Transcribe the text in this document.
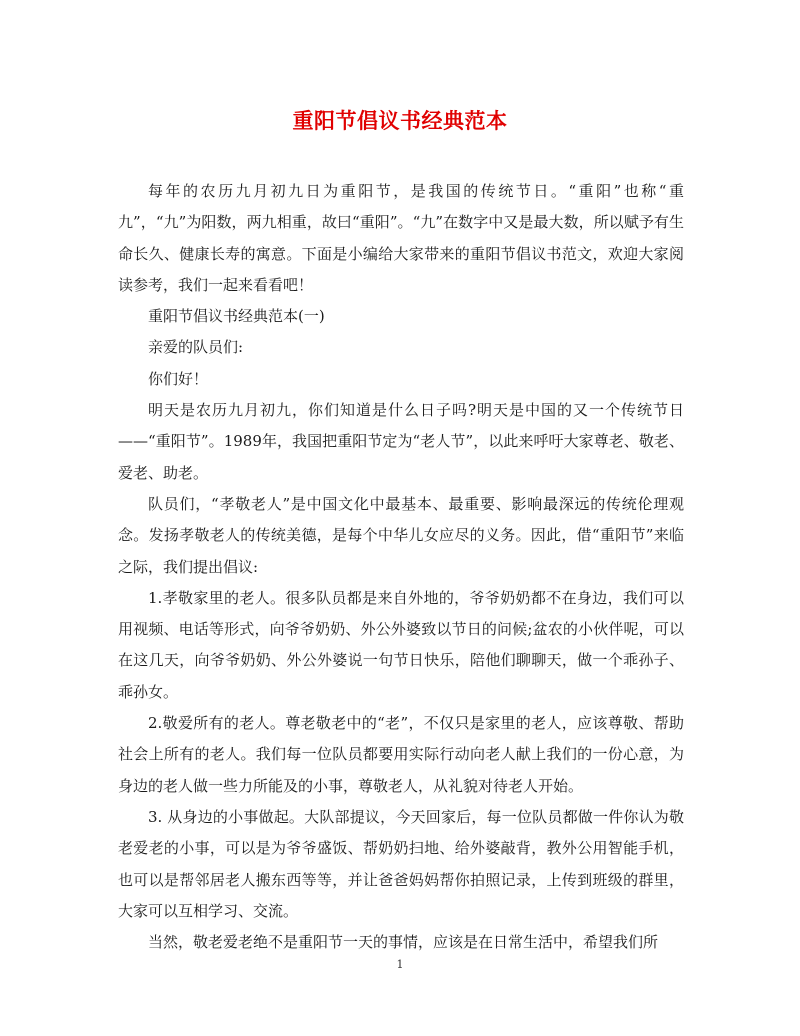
重阳节倡议书经典范本

每年的农历九月初九日为重阳节，是我国的传统节日。“重阳”也称“重九”，“九”为阳数，两九相重，故曰“重阳”。“九”在数字中又是最大数，所以赋予有生命长久、健康长寿的寓意。下面是小编给大家带来的重阳节倡议书范文，欢迎大家阅读参考，我们一起来看看吧！

重阳节倡议书经典范本(一)

亲爱的队员们:

你们好！

明天是农历九月初九，你们知道是什么日子吗?明天是中国的又一个传统节日——“重阳节”。1989年，我国把重阳节定为“老人节”，以此来呼吁大家尊老、敬老、爱老、助老。

队员们，“孝敬老人”是中国文化中最基本、最重要、影响最深远的传统伦理观念。发扬孝敬老人的传统美德，是每个中华儿女应尽的义务。因此，借“重阳节”来临之际，我们提出倡议:

1.孝敬家里的老人。很多队员都是来自外地的，爷爷奶奶都不在身边，我们可以用视频、电话等形式，向爷爷奶奶、外公外婆致以节日的问候;盆农的小伙伴呢，可以在这几天，向爷爷奶奶、外公外婆说一句节日快乐，陪他们聊聊天，做一个乖孙子、乖孙女。

2.敬爱所有的老人。尊老敬老中的“老”，不仅只是家里的老人，应该尊敬、帮助社会上所有的老人。我们每一位队员都要用实际行动向老人献上我们的一份心意，为身边的老人做一些力所能及的小事，尊敬老人，从礼貌对待老人开始。

3. 从身边的小事做起。大队部提议，今天回家后，每一位队员都做一件你认为敬老爱老的小事，可以是为爷爷盛饭、帮奶奶扫地、给外婆敲背，教外公用智能手机，也可以是帮邻居老人搬东西等等，并让爸爸妈妈帮你拍照记录，上传到班级的群里，大家可以互相学习、交流。

当然，敬老爱老绝不是重阳节一天的事情，应该是在日常生活中，希望我们所

1
